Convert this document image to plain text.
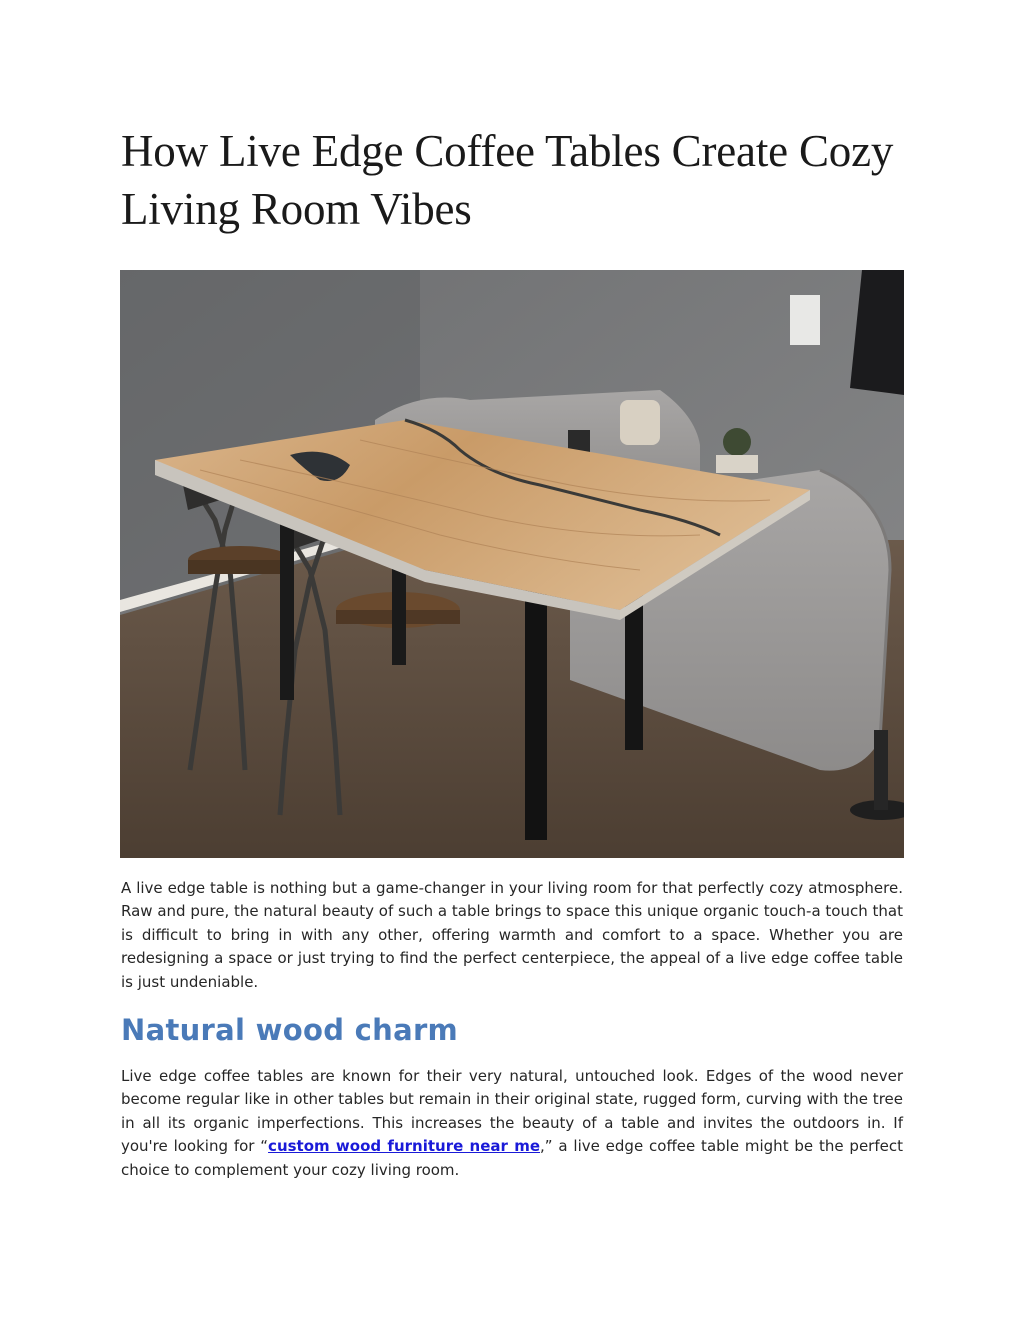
How Live Edge Coffee Tables Create Cozy Living Room Vibes

A live edge table is nothing but a game-changer in your living room for that perfectly cozy atmosphere. Raw and pure, the natural beauty of such a table brings to space this unique organic touch-a touch that is difficult to bring in with any other, offering warmth and comfort to a space. Whether you are redesigning a space or just trying to find the perfect centerpiece, the appeal of a live edge coffee table is just undeniable.

Natural wood charm

Live edge coffee tables are known for their very natural, untouched look. Edges of the wood never become regular like in other tables but remain in their original state, rugged form, curving with the tree in all its organic imperfections. This increases the beauty of a table and invites the outdoors in. If you're looking for “custom wood furniture near me,” a live edge coffee table might be the perfect choice to complement your cozy living room.
